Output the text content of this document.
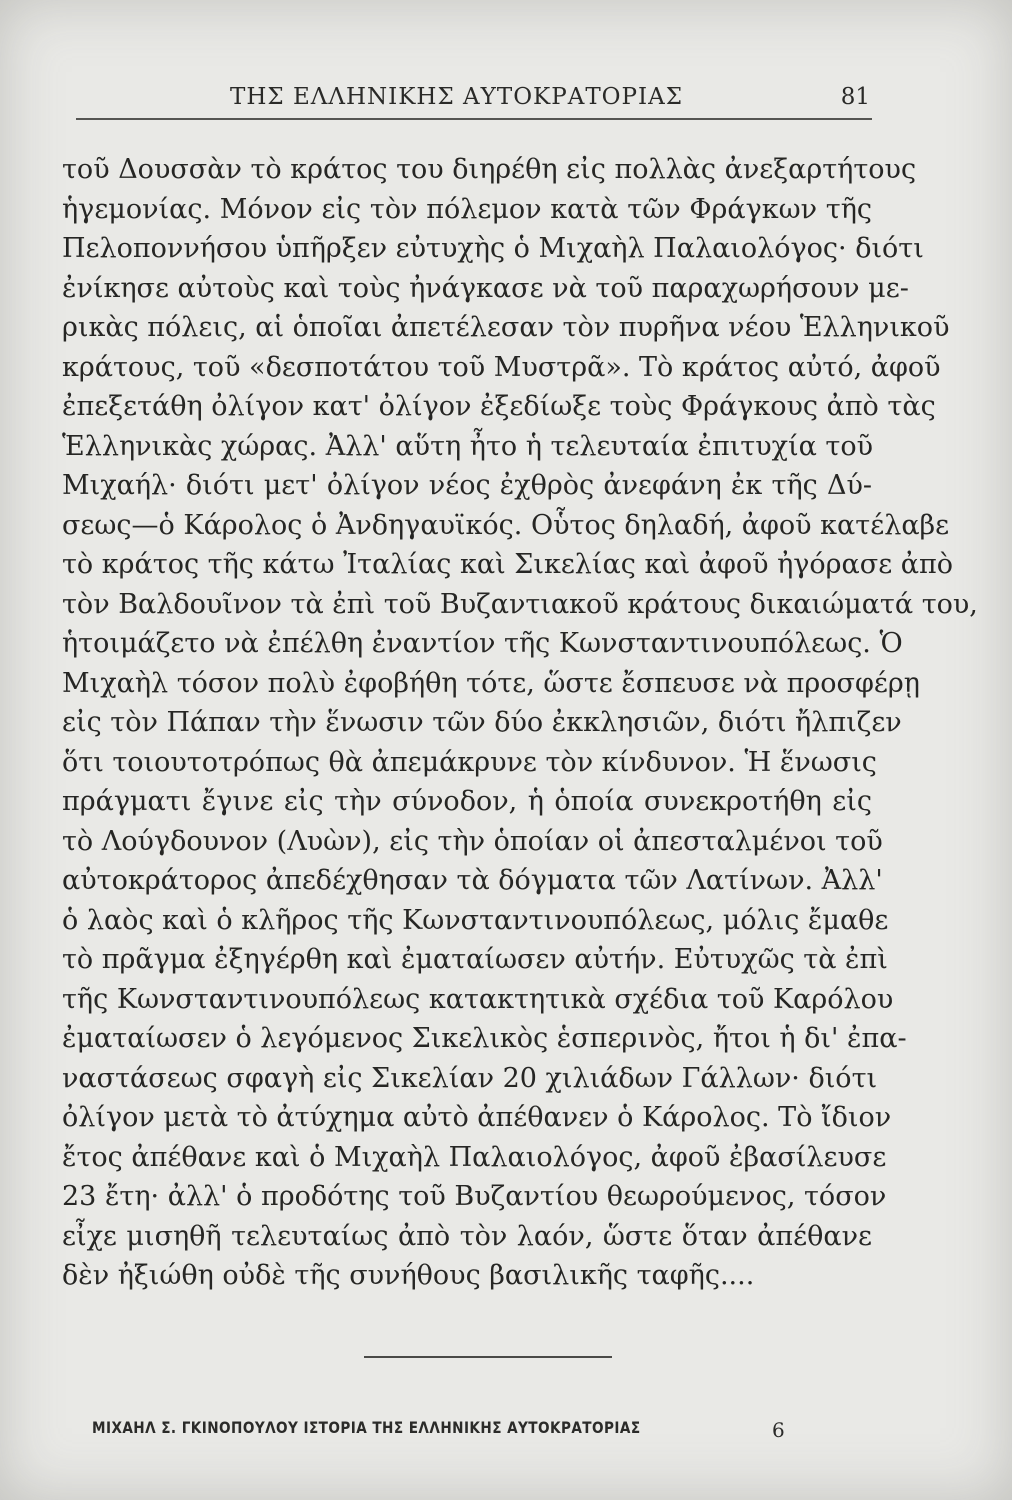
ΤΗΣ ΕΛΛΗΝΙΚΗΣ ΑΥΤΟΚΡΑΤΟΡΙΑΣ	81
τοῦ Δουσσὰν τὸ κράτος του διηρέθη εἰς πολλὰς ἀνεξαρτήτους
ἡγεμονίας. Μόνον εἰς τὸν πόλεμον κατὰ τῶν Φράγκων τῆς
Πελοποννήσου ὑπῆρξεν εὐτυχὴς ὁ Μιχαὴλ Παλαιολόγος· διότι
ἐνίκησε αὐτοὺς καὶ τοὺς ἠνάγκασε νὰ τοῦ παραχωρήσουν με-
ρικὰς πόλεις, αἱ ὁποῖαι ἀπετέλεσαν τὸν πυρῆνα νέου Ἑλληνικοῦ
κράτους, τοῦ «δεσποτάτου τοῦ Μυστρᾶ». Τὸ κράτος αὐτό, ἀφοῦ
ἐπεξετάθη ὀλίγον κατ' ὀλίγον ἐξεδίωξε τοὺς Φράγκους ἀπὸ τὰς
Ἑλληνικὰς χώρας. Ἀλλ' αὕτη ἦτο ἡ τελευταία ἐπιτυχία τοῦ
Μιχαήλ· διότι μετ' ὀλίγον νέος ἐχθρὸς ἀνεφάνη ἐκ τῆς Δύ-
σεως—ὁ Κάρολος ὁ Ἀνδηγαυϊκός. Οὗτος δηλαδή, ἀφοῦ κατέλαβε
τὸ κράτος τῆς κάτω Ἰταλίας καὶ Σικελίας καὶ ἀφοῦ ἠγόρασε ἀπὸ
τὸν Βαλδουῖνον τὰ ἐπὶ τοῦ Βυζαντιακοῦ κράτους δικαιώματά του,
ἡτοιμάζετο νὰ ἐπέλθη ἐναντίον τῆς Κωνσταντινουπόλεως. Ὁ
Μιχαὴλ τόσον πολὺ ἐφοβήθη τότε, ὥστε ἔσπευσε νὰ προσφέρῃ
εἰς τὸν Πάπαν τὴν ἕνωσιν τῶν δύο ἐκκλησιῶν, διότι ἤλπιζεν
ὅτι τοιουτοτρόπως θὰ ἀπεμάκρυνε τὸν κίνδυνον. Ἡ ἕνωσις
πράγματι ἔγινε εἰς τὴν σύνοδον, ἡ ὁποία συνεκροτήθη εἰς
τὸ Λούγδουνον (Λυὼν), εἰς τὴν ὁποίαν οἱ ἀπεσταλμένοι τοῦ
αὐτοκράτορος ἀπεδέχθησαν τὰ δόγματα τῶν Λατίνων. Ἀλλ'
ὁ λαὸς καὶ ὁ κλῆρος τῆς Κωνσταντινουπόλεως, μόλις ἔμαθε
τὸ πρᾶγμα ἐξηγέρθη καὶ ἐματαίωσεν αὐτήν. Εὐτυχῶς τὰ ἐπὶ
τῆς Κωνσταντινουπόλεως κατακτητικὰ σχέδια τοῦ Καρόλου
ἐματαίωσεν ὁ λεγόμενος Σικελικὸς ἑσπερινὸς, ἤτοι ἡ δι' ἐπα-
ναστάσεως σφαγὴ εἰς Σικελίαν 20 χιλιάδων Γάλλων· διότι
ὀλίγον μετὰ τὸ ἀτύχημα αὐτὸ ἀπέθανεν ὁ Κάρολος. Τὸ ἴδιον
ἔτος ἀπέθανε καὶ ὁ Μιχαὴλ Παλαιολόγος, ἀφοῦ ἐβασίλευσε
23 ἔτη· ἀλλ' ὁ προδότης τοῦ Βυζαντίου θεωρούμενος, τόσον
εἶχε μισηθῆ τελευταίως ἀπὸ τὸν λαόν, ὥστε ὅταν ἀπέθανε
δὲν ἠξιώθη οὐδὲ τῆς συνήθους βασιλικῆς ταφῆς....
ΜΙΧΑΗΛ Σ. ΓΚΙΝΟΠΟΥΛΟΥ ΙΣΤΟΡΙΑ ΤΗΣ ΕΛΛΗΝΙΚΗΣ ΑΥΤΟΚΡΑΤΟΡΙΑΣ	6
